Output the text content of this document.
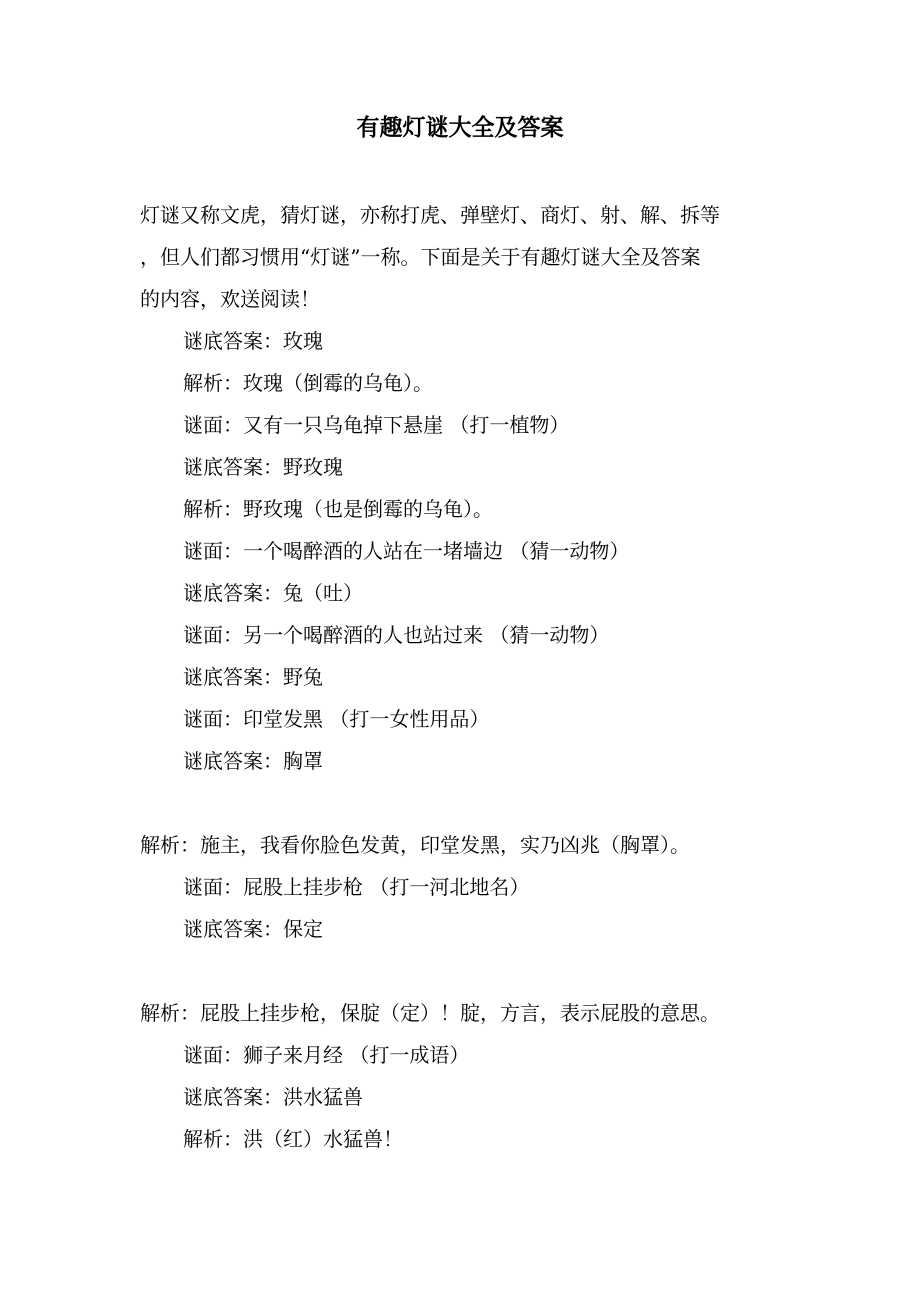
有趣灯谜大全及答案
灯谜又称文虎，猜灯谜，亦称打虎、弹壁灯、商灯、射、解、拆等
，但人们都习惯用“灯谜”一称。下面是关于有趣灯谜大全及答案
的内容，欢送阅读！
谜底答案：玫瑰
解析：玫瑰（倒霉的乌龟）。
谜面：又有一只乌龟掉下悬崖 （打一植物）
谜底答案：野玫瑰
解析：野玫瑰（也是倒霉的乌龟）。
谜面：一个喝醉酒的人站在一堵墙边 （猜一动物）
谜底答案：兔（吐）
谜面：另一个喝醉酒的人也站过来 （猜一动物）
谜底答案：野兔
谜面：印堂发黑 （打一女性用品）
谜底答案：胸罩
解析：施主，我看你脸色发黄，印堂发黑，实乃凶兆（胸罩）。
谜面：屁股上挂步枪 （打一河北地名）
谜底答案：保定
解析：屁股上挂步枪，保腚（定）！腚，方言，表示屁股的意思。
谜面：狮子来月经 （打一成语）
谜底答案：洪水猛兽
解析：洪（红）水猛兽！
